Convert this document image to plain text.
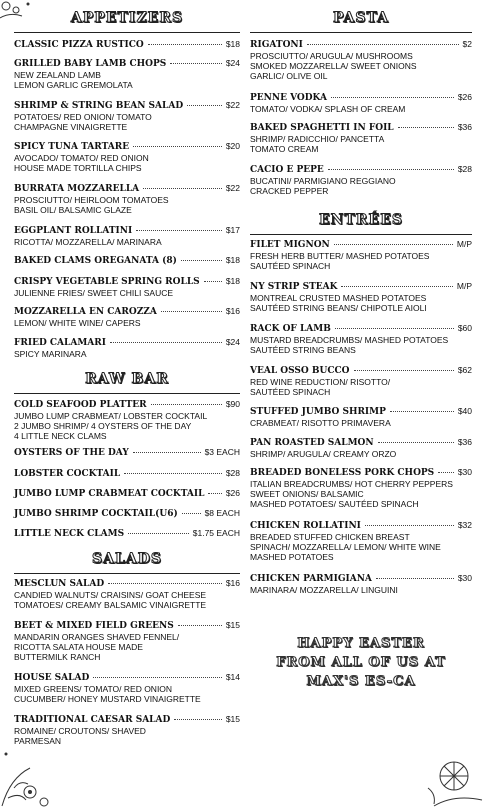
APPETIZERS
CLASSIC PIZZA RUSTICO	$18
GRILLED BABY LAMB CHOPS	$24
NEW ZEALAND LAMB
LEMON GARLIC GREMOLATA
SHRIMP & STRING BEAN SALAD	$22
POTATOES/ RED ONION/ TOMATO
CHAMPAGNE VINAIGRETTE
SPICY TUNA TARTARE	$20
AVOCADO/ TOMATO/ RED ONION
HOUSE MADE TORTILLA CHIPS
BURRATA MOZZARELLA	$22
PROSCIUTTO/ HEIRLOOM TOMATOES
BASIL OIL/ BALSAMIC GLAZE
EGGPLANT ROLLATINI	$17
RICOTTA/ MOZZARELLA/ MARINARA
BAKED CLAMS OREGANATA (8)	$18
CRISPY VEGETABLE SPRING ROLLS	$18
JULIENNE FRIES/ SWEET CHILI SAUCE
MOZZARELLA EN CAROZZA	$16
LEMON/ WHITE WINE/ CAPERS
FRIED CALAMARI	$24
SPICY MARINARA
RAW BAR
COLD SEAFOOD PLATTER	$90
JUMBO LUMP CRABMEAT/ LOBSTER COCKTAIL
2 JUMBO SHRIMP/ 4 OYSTERS OF THE DAY
4 LITTLE NECK CLAMS
OYSTERS OF THE DAY	$3 EACH
LOBSTER COCKTAIL	$28
JUMBO LUMP CRABMEAT COCKTAIL	$26
JUMBO SHRIMP COCKTAIL(U6)	$8 EACH
LITTLE NECK CLAMS	$1.75 EACH
SALADS
MESCLUN SALAD	$16
CANDIED WALNUTS/ CRAISINS/ GOAT CHEESE
TOMATOES/ CREAMY BALSAMIC VINAIGRETTE
BEET & MIXED FIELD GREENS	$15
MANDARIN ORANGES SHAVED FENNEL/
RICOTTA SALATA HOUSE MADE
BUTTERMILK RANCH
HOUSE SALAD	$14
MIXED GREENS/ TOMATO/ RED ONION
CUCUMBER/ HONEY MUSTARD VINAIGRETTE
TRADITIONAL CAESAR SALAD	$15
ROMAINE/ CROUTONS/ SHAVED
PARMESAN
PASTA
RIGATONI	$2
PROSCIUTTO/ ARUGULA/ MUSHROOMS
SMOKED MOZZARELLA/ SWEET ONIONS
GARLIC/ OLIVE OIL
PENNE VODKA	$26
TOMATO/ VODKA/ SPLASH OF CREAM
BAKED SPAGHETTI IN FOIL	$36
SHRIMP/ RADICCHIO/ PANCETTA
TOMATO CREAM
CACIO E PEPE	$28
BUCATINI/ PARMIGIANO REGGIANO
CRACKED PEPPER
ENTRÉES
FILET MIGNON	M/P
FRESH HERB BUTTER/ MASHED POTATOES
SAUTÉED SPINACH
NY STRIP STEAK	M/P
MONTREAL CRUSTED MASHED POTATOES
SAUTÉED STRING BEANS/ CHIPOTLE AIOLI
RACK OF LAMB	$60
MUSTARD BREADCRUMBS/ MASHED POTATOES
SAUTÉED STRING BEANS
VEAL OSSO BUCCO	$62
RED WINE REDUCTION/ RISOTTO/
SAUTÉED SPINACH
STUFFED JUMBO SHRIMP	$40
CRABMEAT/ RISOTTO PRIMAVERA
PAN ROASTED SALMON	$36
SHRIMP/ ARUGULA/ CREAMY ORZO
BREADED BONELESS PORK CHOPS	$30
ITALIAN BREADCRUMBS/ HOT CHERRY PEPPERS
SWEET ONIONS/ BALSAMIC
MASHED POTATOES/ SAUTÉED SPINACH
CHICKEN ROLLATINI	$32
BREADED STUFFED CHICKEN BREAST
SPINACH/ MOZZARELLA/ LEMON/ WHITE WINE
MASHED POTATOES
CHICKEN PARMIGIANA	$30
MARINARA/ MOZZARELLA/ LINGUINI
HAPPY EASTER
FROM ALL OF US AT
MAX'S ES-CA
